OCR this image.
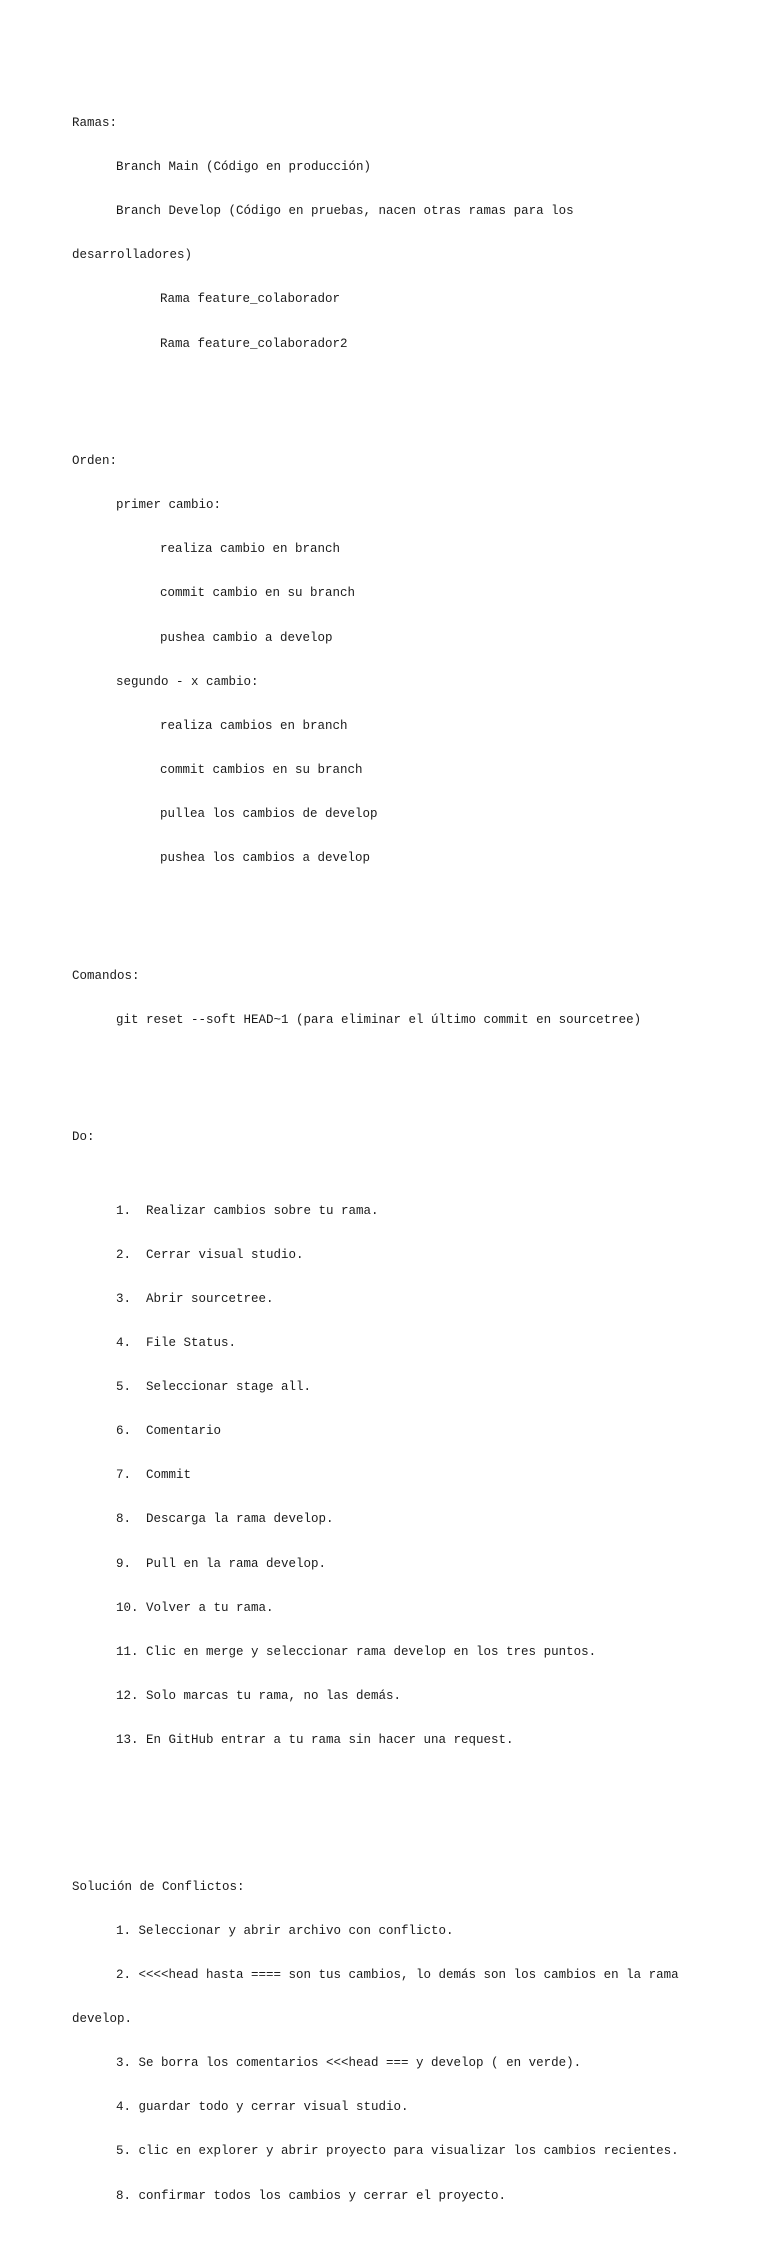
Ramas:

Branch Main (Código en producción)

Branch Develop (Código en pruebas, nacen otras ramas para los

desarrolladores)

Rama feature_colaborador

Rama feature_colaborador2

Orden:

primer cambio:

realiza cambio en branch

commit cambio en su branch

pushea cambio a develop

segundo - x cambio:

realiza cambios en branch

commit cambios en su branch

pullea los cambios de develop

pushea los cambios a develop

Comandos:

git reset --soft HEAD~1 (para eliminar el último commit en sourcetree)

Do:

1. Realizar cambios sobre tu rama.

2. Cerrar visual studio.

3. Abrir sourcetree.

4. File Status.

5. Seleccionar stage all.

6. Comentario

7. Commit

8. Descarga la rama develop.

9. Pull en la rama develop.

10. Volver a tu rama.

11. Clic en merge y seleccionar rama develop en los tres puntos.

12. Solo marcas tu rama, no las demás.

13. En GitHub entrar a tu rama sin hacer una request.

Solución de Conflictos:

1. Seleccionar y abrir archivo con conflicto.

2. <<<<head hasta ==== son tus cambios, lo demás son los cambios en la rama

develop.

3. Se borra los comentarios <<<head === y develop ( en verde).

4. guardar todo y cerrar visual studio.

5. clic en explorer y abrir proyecto para visualizar los cambios recientes.

8. confirmar todos los cambios y cerrar el proyecto.
